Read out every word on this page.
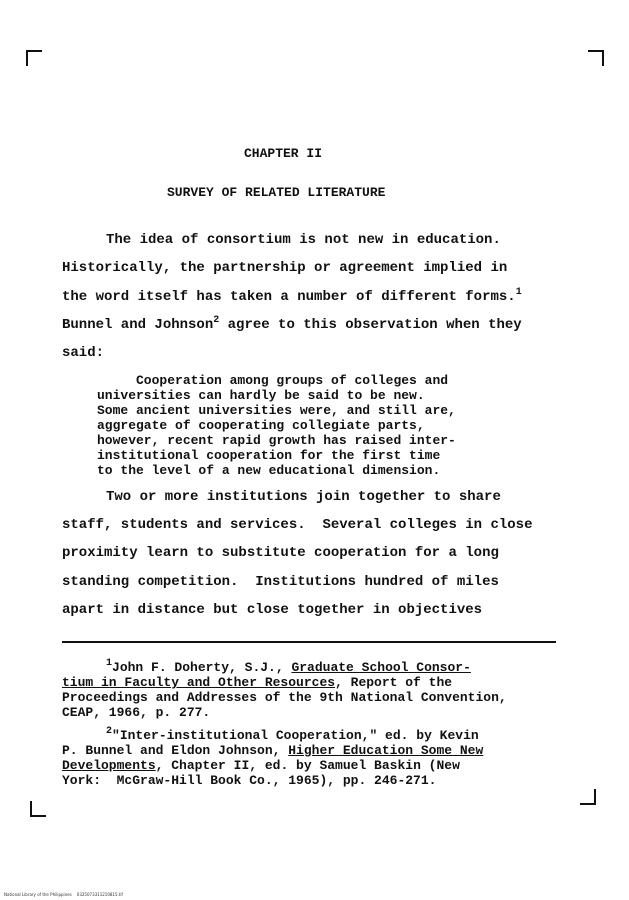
CHAPTER II
SURVEY OF RELATED LITERATURE
The idea of consortium is not new in education.
Historically, the partnership or agreement implied in
the word itself has taken a number of different forms.$^1$
Bunnel and Johnson$^2$ agree to this observation when they
said:
Cooperation among groups of colleges and
universities can hardly be said to be new.
Some ancient universities were, and still are,
aggregate of cooperating collegiate parts,
however, recent rapid growth has raised inter-
institutional cooperation for the first time
to the level of a new educational dimension.
Two or more institutions join together to share
staff, students and services.  Several colleges in close
proximity learn to substitute cooperation for a long
standing competition.  Institutions hundred of miles
apart in distance but close together in objectives
$^1$John F. Doherty, S.J., Graduate School Consor-
tium in Faculty and Other Resources, Report of the
Proceedings and Addresses of the 9th National Convention,
CEAP, 1966, p. 277.
$^2$"Inter-institutional Cooperation," ed. by Kevin
P. Bunnel and Eldon Johnson, Higher Education Some New
Developments, Chapter II, ed. by Samuel Baskin (New
York:  McGraw-Hill Book Co., 1965), pp. 246-271.
National Library of the Philippines    0325073311210815.tif
